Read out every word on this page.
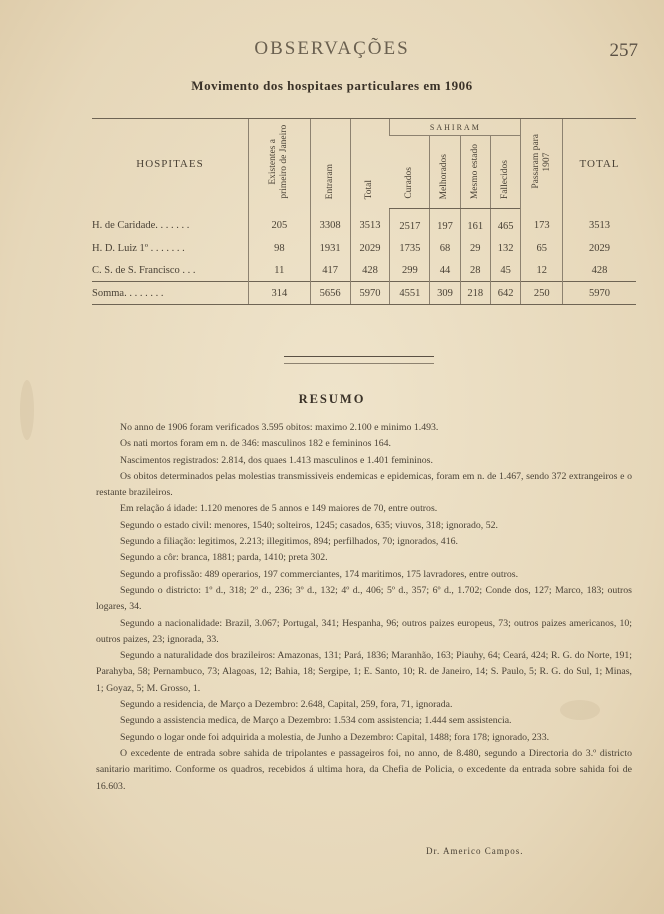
OBSERVAÇÕES	257
Movimento dos hospitaes particulares em 1906
HOSPITAES	Existentes a primeiro de Janeiro	Entraram	Total	SAHIRAM				Passaram para 1907	TOTAL
				Curados	Melhorados	Mesmo estado	Fallecidos		
H. de Caridade. . . . . . .	205	3308	3513	2517	197	161	465	173	3513
H. D. Luiz 1º . . . . . . .	98	1931	2029	1735	68	29	132	65	2029
C. S. de S. Francisco . . .	11	417	428	299	44	28	45	12	428
Somma. . . . . . . .	314	5656	5970	4551	309	218	642	250	5970
RESUMO

No anno de 1906 foram verificados 3.595 obitos: maximo 2.100 e minimo 1.493.

Os nati mortos foram em n. de 346: masculinos 182 e femininos 164.

Nascimentos registrados: 2.814, dos quaes 1.413 masculinos e 1.401 femininos.

Os obitos determinados pelas molestias transmissiveis endemicas e epidemicas, foram em n. de 1.467, sendo 372 extrangeiros e o restante brazileiros.

Em relação á idade: 1.120 menores de 5 annos e 149 maiores de 70, entre outros.

Segundo o estado civil: menores, 1540; solteiros, 1245; casados, 635; viuvos, 318; ignorado, 52.

Segundo a filiação: legitimos, 2.213; illegitimos, 894; perfilhados, 70; ignorados, 416.

Segundo a côr: branca, 1881; parda, 1410; preta 302.

Segundo a profissão: 489 operarios, 197 commerciantes, 174 maritimos, 175 lavradores, entre outros.

Segundo o districto: 1º d., 318; 2º d., 236; 3º d., 132; 4º d., 406; 5º d., 357; 6º d., 1.702; Conde dos, 127; Marco, 183; outros logares, 34.

Segundo a nacionalidade: Brazil, 3.067; Portugal, 341; Hespanha, 96; outros paizes europeus, 73; outros paizes americanos, 10; outros paizes, 23; ignorada, 33.

Segundo a naturalidade dos brazileiros: Amazonas, 131; Pará, 1836; Maranhão, 163; Piauhy, 64; Ceará, 424; R. G. do Norte, 191; Parahyba, 58; Pernambuco, 73; Alagoas, 12; Bahia, 18; Sergipe, 1; E. Santo, 10; R. de Janeiro, 14; S. Paulo, 5; R. G. do Sul, 1; Minas, 1; Goyaz, 5; M. Grosso, 1.

Segundo a residencia, de Março a Dezembro: 2.648, Capital, 259, fora, 71, ignorada.

Segundo a assistencia medica, de Março a Dezembro: 1.534 com assistencia; 1.444 sem assistencia.

Segundo o logar onde foi adquirida a molestia, de Junho a Dezembro: Capital, 1488; fora 178; ignorado, 233.

O excedente de entrada sobre sahida de tripolantes e passageiros foi, no anno, de 8.480, segundo a Directoria do 3.º districto sanitario maritimo. Conforme os quadros, recebidos á ultima hora, da Chefia de Policia, o excedente da entrada sobre sahida foi de 16.603.

Dr. Americo Campos.
